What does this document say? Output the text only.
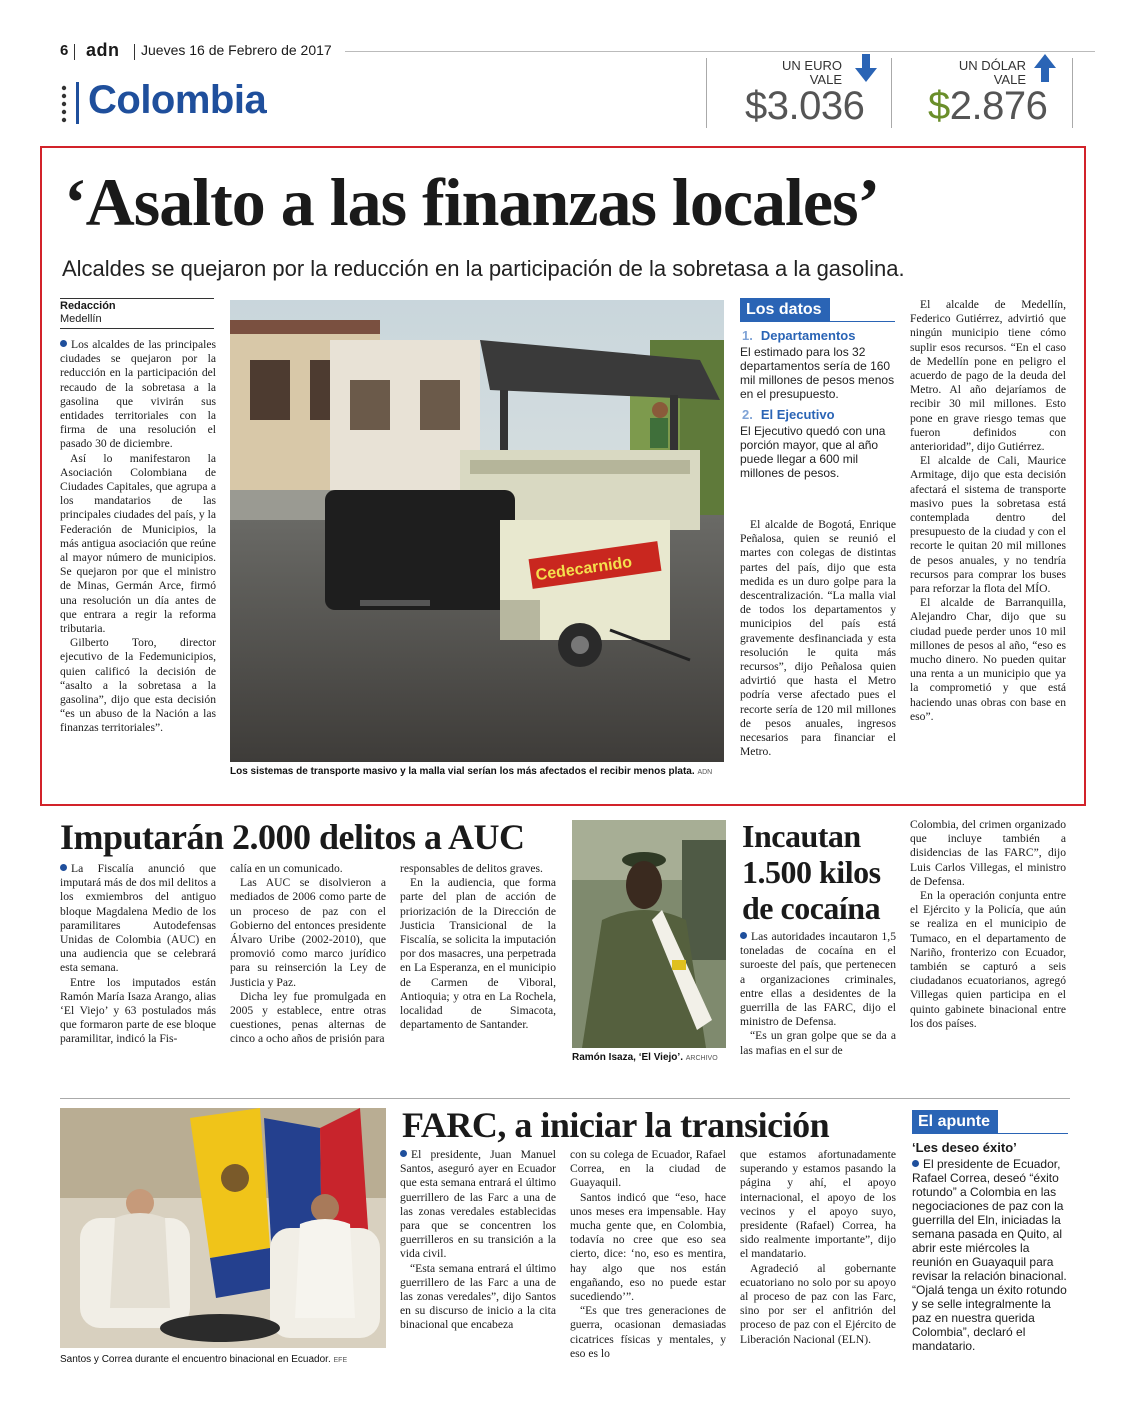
6 adn Jueves 16 de Febrero de 2017
Colombia
UN EURO
VALE
$3.036
UN DÓLAR
VALE
$2.876
‘Asalto a las finanzas locales’
Alcaldes se quejaron por la reducción en la participación de la sobretasa a la gasolina.
Redacción
Medellín

Los alcaldes de las principales ciudades se quejaron por la reducción en la participación del recaudo de la sobretasa a la gasolina que vivirán sus entidades territoriales con la firma de una resolución el pasado 30 de diciembre.

Así lo manifestaron la Asociación Colombiana de Ciudades Capitales, que agrupa a los mandatarios de las principales ciudades del país, y la Federación de Municipios, la más antigua asociación que reúne al mayor número de municipios. Se quejaron por que el ministro de Minas, Germán Arce, firmó una resolución un día antes de que entrara a regir la reforma tributaria.

Gilberto Toro, director ejecutivo de la Fedemunicipios, quien calificó la decisión de “asalto a la sobretasa a la gasolina”, dijo que esta decisión “es un abuso de la Nación a las finanzas territoriales”.

Cedecarnido
Los sistemas de transporte masivo y la malla vial serían los más afectados el recibir menos plata. ADN
Los datos
1. Departamentos
El estimado para los 32 departamentos sería de 160 mil millones de pesos menos en el presupuesto.
2. El Ejecutivo
El Ejecutivo quedó con una porción mayor, que al año puede llegar a 600 mil millones de pesos.

El alcalde de Bogotá, Enrique Peñalosa, quien se reunió el martes con colegas de distintas partes del país, dijo que esta medida es un duro golpe para la descentralización. “La malla vial de todos los departamentos y municipios del país está gravemente desfinanciada y esta resolución le quita más recursos”, dijo Peñalosa quien advirtió que hasta el Metro podría verse afectado pues el recorte sería de 120 mil millones de pesos anuales, ingresos necesarios para financiar el Metro.

El alcalde de Medellín, Federico Gutiérrez, advirtió que ningún municipio tiene cómo suplir esos recursos. “En el caso de Medellín pone en peligro el acuerdo de pago de la deuda del Metro. Al año dejaríamos de recibir 30 mil millones. Esto pone en grave riesgo temas que fueron definidos con anterioridad”, dijo Gutiérrez.

El alcalde de Cali, Maurice Armitage, dijo que esta decisión afectará el sistema de transporte masivo pues la sobretasa está contemplada dentro del presupuesto de la ciudad y con el recorte le quitan 20 mil millones de pesos anuales, y no tendría recursos para comprar los buses para reforzar la flota del MÍO.

El alcalde de Barranquilla, Alejandro Char, dijo que su ciudad puede perder unos 10 mil millones de pesos al año, “eso es mucho dinero. No pueden quitar una renta a un municipio que ya la comprometió y que está haciendo unas obras con base en eso”.

Imputarán 2.000 delitos a AUC

La Fiscalía anunció que imputará más de dos mil delitos a los exmiembros del antiguo bloque Magdalena Medio de los paramilitares Autodefensas Unidas de Colombia (AUC) en una audiencia que se celebrará esta semana.

Entre los imputados están Ramón María Isaza Arango, alias ‘El Viejo’ y 63 postulados más que formaron parte de ese bloque paramilitar, indicó la Fis-

calía en un comunicado.

Las AUC se disolvieron a mediados de 2006 como parte de un proceso de paz con el Gobierno del entonces presidente Álvaro Uribe (2002-2010), que promovió como marco jurídico para su reinserción la Ley de Justicia y Paz.

Dicha ley fue promulgada en 2005 y establece, entre otras cuestiones, penas alternas de cinco a ocho años de prisión para

responsables de delitos graves.

En la audiencia, que forma parte del plan de acción de priorización de la Dirección de Justicia Transicional de la Fiscalía, se solicita la imputación por dos masacres, una perpetrada en La Esperanza, en el municipio de Carmen de Viboral, Antioquia; y otra en La Rochela, localidad de Simacota, departamento de Santander.

Ramón Isaza, ‘El Viejo’. ARCHIVO
Incautan
1.500 kilos
de cocaína

Las autoridades incautaron 1,5 toneladas de cocaína en el suroeste del país, que pertenecen a organizaciones criminales, entre ellas a desidentes de la guerrilla de las FARC, dijo el ministro de Defensa.

“Es un gran golpe que se da a las mafias en el sur de

Colombia, del crimen organizado que incluye también a disidencias de las FARC”, dijo Luis Carlos Villegas, el ministro de Defensa.

En la operación conjunta entre el Ejército y la Policía, que aún se realiza en el municipio de Tumaco, en el departamento de Nariño, fronterizo con Ecuador, también se capturó a seis ciudadanos ecuatorianos, agregó Villegas quien participa en el quinto gabinete binacional entre los dos países.

Santos y Correa durante el encuentro binacional en Ecuador. EFE
FARC, a iniciar la transición

El presidente, Juan Manuel Santos, aseguró ayer en Ecuador que esta semana entrará el último guerrillero de las Farc a una de las zonas veredales establecidas para que se concentren los guerrilleros en su transición a la vida civil.

“Esta semana entrará el último guerrillero de las Farc a una de las zonas veredales”, dijo Santos en su discurso de inicio a la cita binacional que encabeza

con su colega de Ecuador, Rafael Correa, en la ciudad de Guayaquil.

Santos indicó que “eso, hace unos meses era impensable. Hay mucha gente que, en Colombia, todavía no cree que eso sea cierto, dice: ‘no, eso es mentira, hay algo que nos están engañando, eso no puede estar sucediendo’”.

“Es que tres generaciones de guerra, ocasionan demasiadas cicatrices físicas y mentales, y eso es lo

que estamos afortunadamente superando y estamos pasando la página y ahí, el apoyo internacional, el apoyo de los vecinos y el apoyo suyo, presidente (Rafael) Correa, ha sido realmente importante”, dijo el mandatario.

Agradeció al gobernante ecuatoriano no solo por su apoyo al proceso de paz con las Farc, sino por ser el anfitrión del proceso de paz con el Ejército de Liberación Nacional (ELN).

El apunte
‘Les deseo éxito’
El presidente de Ecuador, Rafael Correa, deseó “éxito rotundo” a Colombia en las negociaciones de paz con la guerrilla del Eln, iniciadas la semana pasada en Quito, al abrir este miércoles la reunión en Guayaquil para revisar la relación binacional.
“Ojalá tenga un éxito rotundo y se selle integralmente la paz en nuestra querida Colombia”, declaró el mandatario.
